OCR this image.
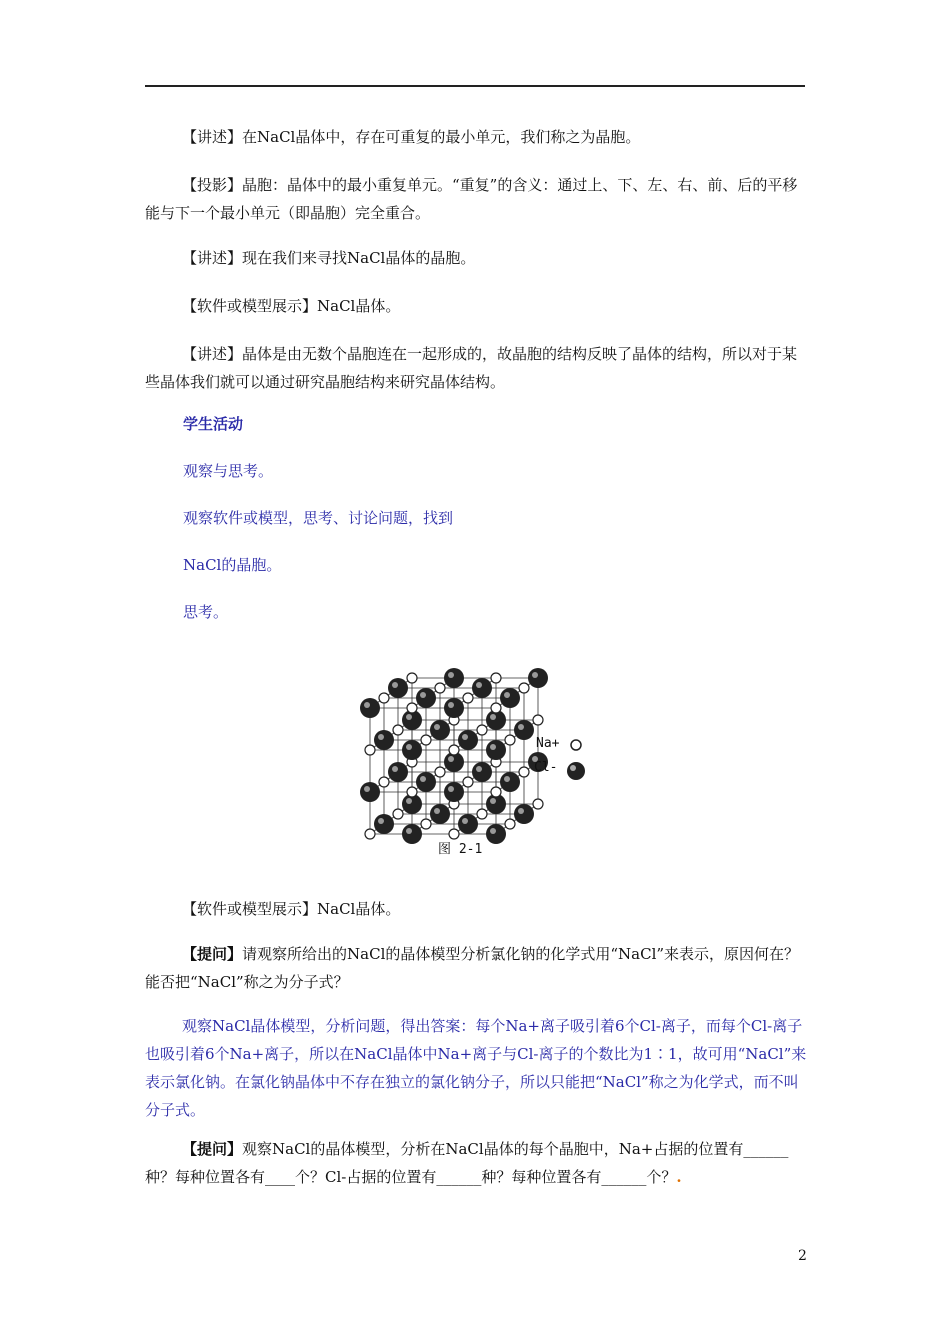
【讲述】在NaCl晶体中，存在可重复的最小单元，我们称之为晶胞。

【投影】晶胞：晶体中的最小重复单元。“重复”的含义：通过上、下、左、右、前、后的平移能与下一个最小单元（即晶胞）完全重合。

【讲述】现在我们来寻找NaCl晶体的晶胞。

【软件或模型展示】NaCl晶体。

【讲述】晶体是由无数个晶胞连在一起形成的，故晶胞的结构反映了晶体的结构，所以对于某些晶体我们就可以通过研究晶胞结构来研究晶体结构。

学生活动
观察与思考。
观察软件或模型，思考、讨论问题，找到
NaCl的晶胞。
思考。
Na+
Cl-
图 2-1

【软件或模型展示】NaCl晶体。

【提问】请观察所给出的NaCl的晶体模型分析氯化钠的化学式用“NaCl”来表示，原因何在？能否把“NaCl”称之为分子式？

观察NaCl晶体模型，分析问题，得出答案：每个Na+离子吸引着6个Cl-离子，而每个Cl-离子也吸引着6个Na+离子，所以在NaCl晶体中Na+离子与Cl-离子的个数比为1∶1，故可用“NaCl”来表示氯化钠。在氯化钠晶体中不存在独立的氯化钠分子，所以只能把“NaCl”称之为化学式，而不叫分子式。

【提问】观察NaCl的晶体模型，分析在NaCl晶体的每个晶胞中，Na+占据的位置有______种？每种位置各有____个？Cl-占据的位置有______种？每种位置各有______个？.

2
